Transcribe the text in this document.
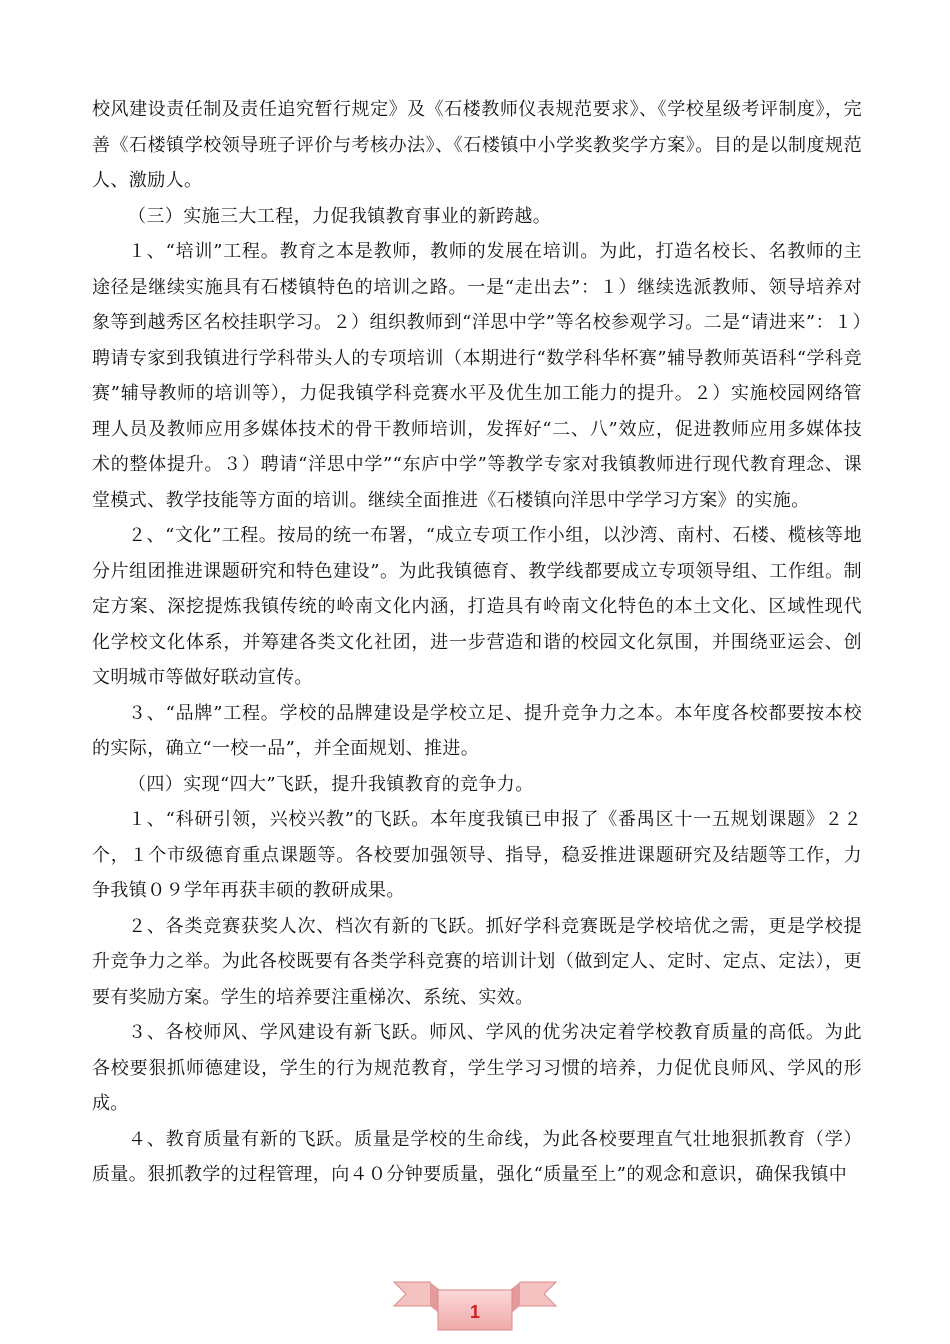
校风建设责任制及责任追究暂行规定》及《石楼教师仪表规范要求》、《学校星级考评制度》，完善《石楼镇学校领导班子评价与考核办法》、《石楼镇中小学奖教奖学方案》。目的是以制度规范人、激励人。

（三）实施三大工程，力促我镇教育事业的新跨越。

１、“培训”工程。教育之本是教师，教师的发展在培训。为此，打造名校长、名教师的主途径是继续实施具有石楼镇特色的培训之路。一是“走出去”：１）继续选派教师、领导培养对象等到越秀区名校挂职学习。２）组织教师到“洋思中学”等名校参观学习。二是“请进来”：１）聘请专家到我镇进行学科带头人的专项培训（本期进行“数学科华杯赛”辅导教师英语科“学科竞赛”辅导教师的培训等），力促我镇学科竞赛水平及优生加工能力的提升。２）实施校园网络管理人员及教师应用多媒体技术的骨干教师培训，发挥好“二、八”效应，促进教师应用多媒体技术的整体提升。３）聘请“洋思中学”“东庐中学”等教学专家对我镇教师进行现代教育理念、课堂模式、教学技能等方面的培训。继续全面推进《石楼镇向洋思中学学习方案》的实施。

２、“文化”工程。按局的统一布署，“成立专项工作小组，以沙湾、南村、石楼、榄核等地分片组团推进课题研究和特色建设”。为此我镇德育、教学线都要成立专项领导组、工作组。制定方案、深挖提炼我镇传统的岭南文化内涵，打造具有岭南文化特色的本土文化、区域性现代化学校文化体系，并筹建各类文化社团，进一步营造和谐的校园文化氛围，并围绕亚运会、创文明城市等做好联动宣传。

３、“品牌”工程。学校的品牌建设是学校立足、提升竞争力之本。本年度各校都要按本校的实际，确立“一校一品”，并全面规划、推进。

（四）实现“四大”飞跃，提升我镇教育的竞争力。

１、“科研引领，兴校兴教”的飞跃。本年度我镇已申报了《番禺区十一五规划课题》２２个，１个市级德育重点课题等。各校要加强领导、指导，稳妥推进课题研究及结题等工作，力争我镇０９学年再获丰硕的教研成果。

２、各类竞赛获奖人次、档次有新的飞跃。抓好学科竞赛既是学校培优之需，更是学校提升竞争力之举。为此各校既要有各类学科竞赛的培训计划（做到定人、定时、定点、定法），更要有奖励方案。学生的培养要注重梯次、系统、实效。

３、各校师风、学风建设有新飞跃。师风、学风的优劣决定着学校教育质量的高低。为此各校要狠抓师德建设，学生的行为规范教育，学生学习习惯的培养，力促优良师风、学风的形成。

４、教育质量有新的飞跃。质量是学校的生命线，为此各校要理直气壮地狠抓教育（学）质量。狠抓教学的过程管理，向４０分钟要质量，强化“质量至上”的观念和意识，确保我镇中

1
